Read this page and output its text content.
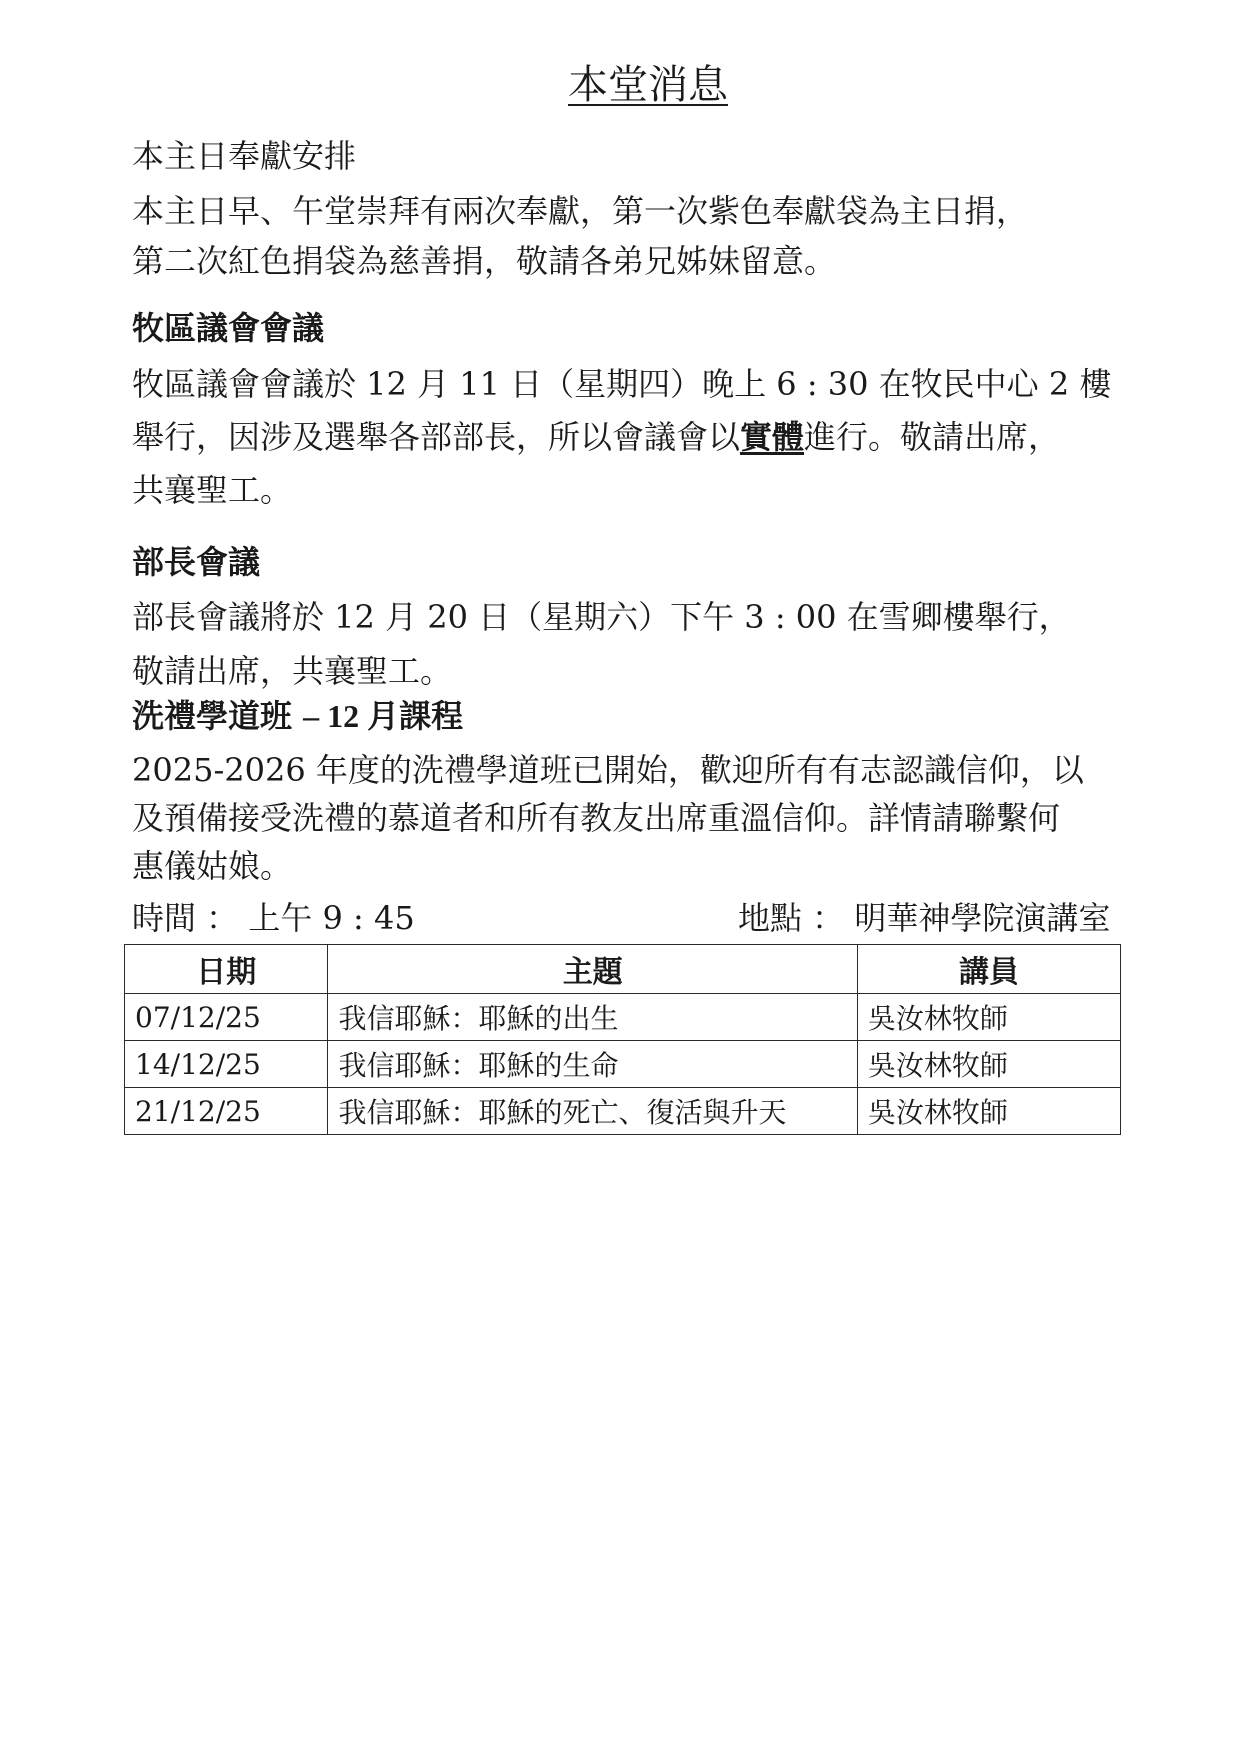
本堂消息
本主日奉獻安排
本主日早、午堂崇拜有兩次奉獻，第一次紫色奉獻袋為主日捐，
第二次紅色捐袋為慈善捐，敬請各弟兄姊妹留意。
牧區議會會議
牧區議會會議於 12 月 11 日（星期四）晚上 6 : 30 在牧民中心 2 樓
舉行，因涉及選舉各部部長，所以會議會以實體進行。敬請出席，
共襄聖工。
部長會議
部長會議將於 12 月 20 日（星期六）下午 3 : 00 在雪卿樓舉行，
敬請出席，共襄聖工。
洗禮學道班 – 12 月課程
2025-2026 年度的洗禮學道班已開始，歡迎所有有志認識信仰，以
及預備接受洗禮的慕道者和所有教友出席重溫信仰。詳情請聯繫何
惠儀姑娘。
時間 ： 上午 9 : 45	地點 ： 明華神學院演講室
日期	主題	講員
07/12/25	我信耶穌：耶穌的出生	吳汝林牧師
14/12/25	我信耶穌：耶穌的生命	吳汝林牧師
21/12/25	我信耶穌：耶穌的死亡、復活與升天	吳汝林牧師
